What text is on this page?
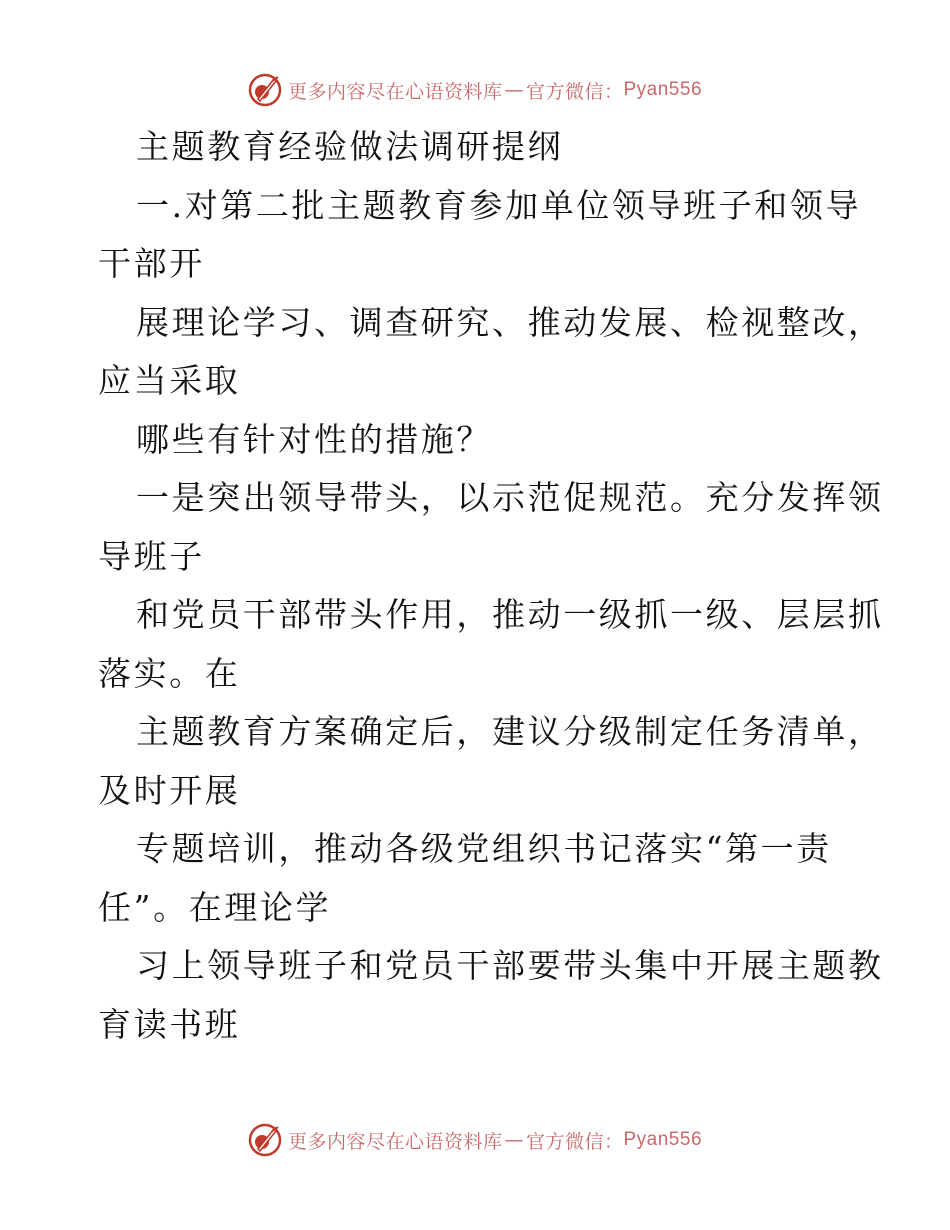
更多内容尽在心语资料库 — 官方微信： Pyan556
主题教育经验做法调研提纲
一.对第二批主题教育参加单位领导班子和领导
干部开
展理论学习、调查研究、推动发展、检视整改，
应当采取
哪些有针对性的措施？
一是突出领导带头，以示范促规范。充分发挥领
导班子
和党员干部带头作用，推动一级抓一级、层层抓
落实。在
主题教育方案确定后，建议分级制定任务清单，
及时开展
专题培训，推动各级党组织书记落实“第一责
任”。在理论学
习上领导班子和党员干部要带头集中开展主题教
育读书班
更多内容尽在心语资料库 — 官方微信： Pyan556
